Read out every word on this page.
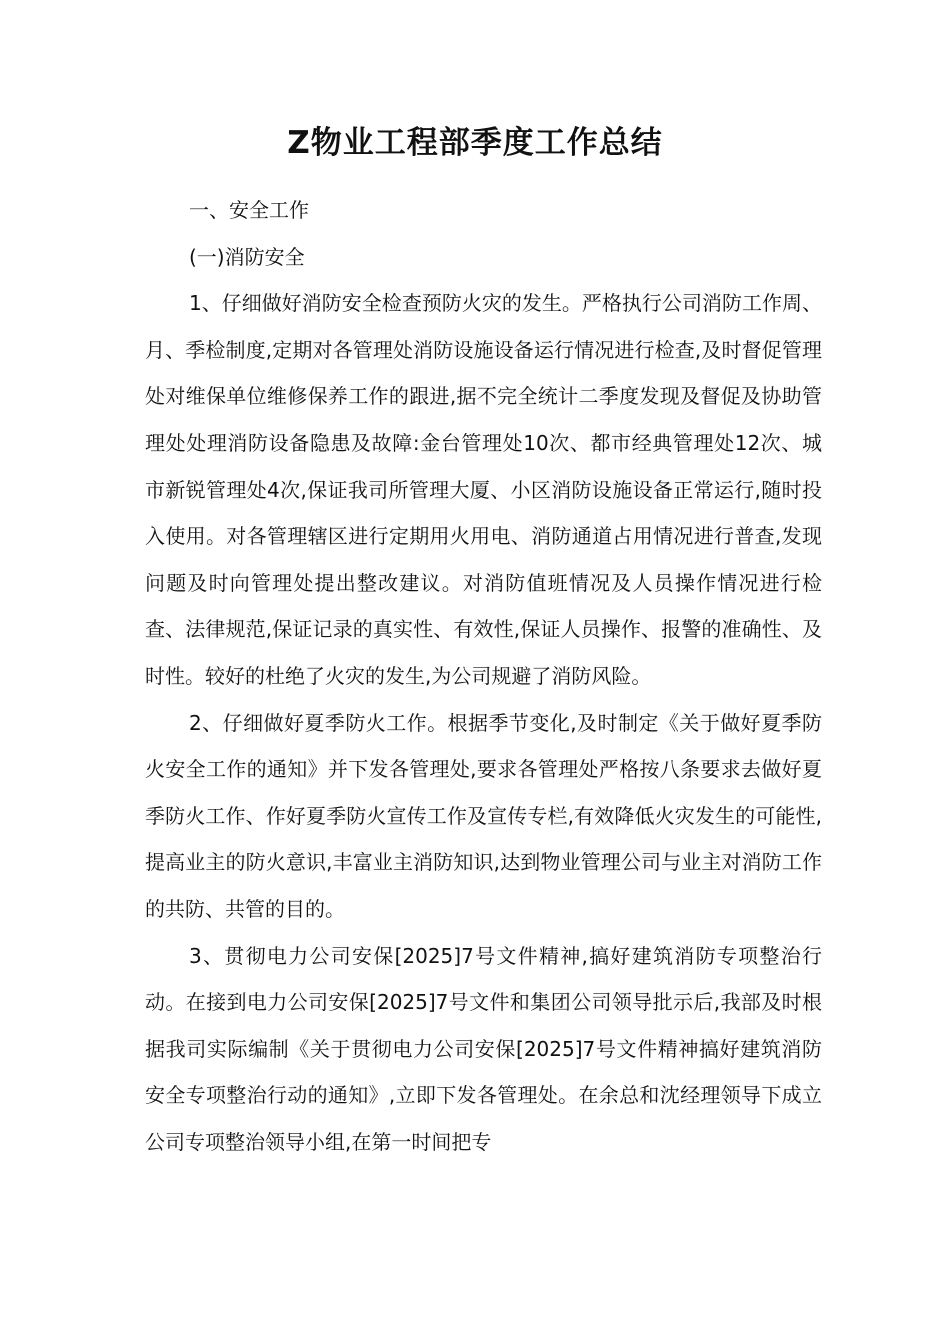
Z物业工程部季度工作总结

一、安全工作

(一)消防安全

1、仔细做好消防安全检查预防火灾的发生。严格执行公司消防工作周、月、季检制度,定期对各管理处消防设施设备运行情况进行检查,及时督促管理处对维保单位维修保养工作的跟进,据不完全统计二季度发现及督促及协助管理处处理消防设备隐患及故障:金台管理处10次、都市经典管理处12次、城市新锐管理处4次,保证我司所管理大厦、小区消防设施设备正常运行,随时投入使用。对各管理辖区进行定期用火用电、消防通道占用情况进行普查,发现问题及时向管理处提出整改建议。对消防值班情况及人员操作情况进行检查、法律规范,保证记录的真实性、有效性,保证人员操作、报警的准确性、及时性。较好的杜绝了火灾的发生,为公司规避了消防风险。

2、仔细做好夏季防火工作。根据季节变化,及时制定《关于做好夏季防火安全工作的通知》并下发各管理处,要求各管理处严格按八条要求去做好夏季防火工作、作好夏季防火宣传工作及宣传专栏,有效降低火灾发生的可能性,提高业主的防火意识,丰富业主消防知识,达到物业管理公司与业主对消防工作的共防、共管的目的。

3、贯彻电力公司安保[2025]7号文件精神,搞好建筑消防专项整治行动。在接到电力公司安保[2025]7号文件和集团公司领导批示后,我部及时根据我司实际编制《关于贯彻电力公司安保[2025]7号文件精神搞好建筑消防安全专项整治行动的通知》,立即下发各管理处。在余总和沈经理领导下成立公司专项整治领导小组,在第一时间把专
